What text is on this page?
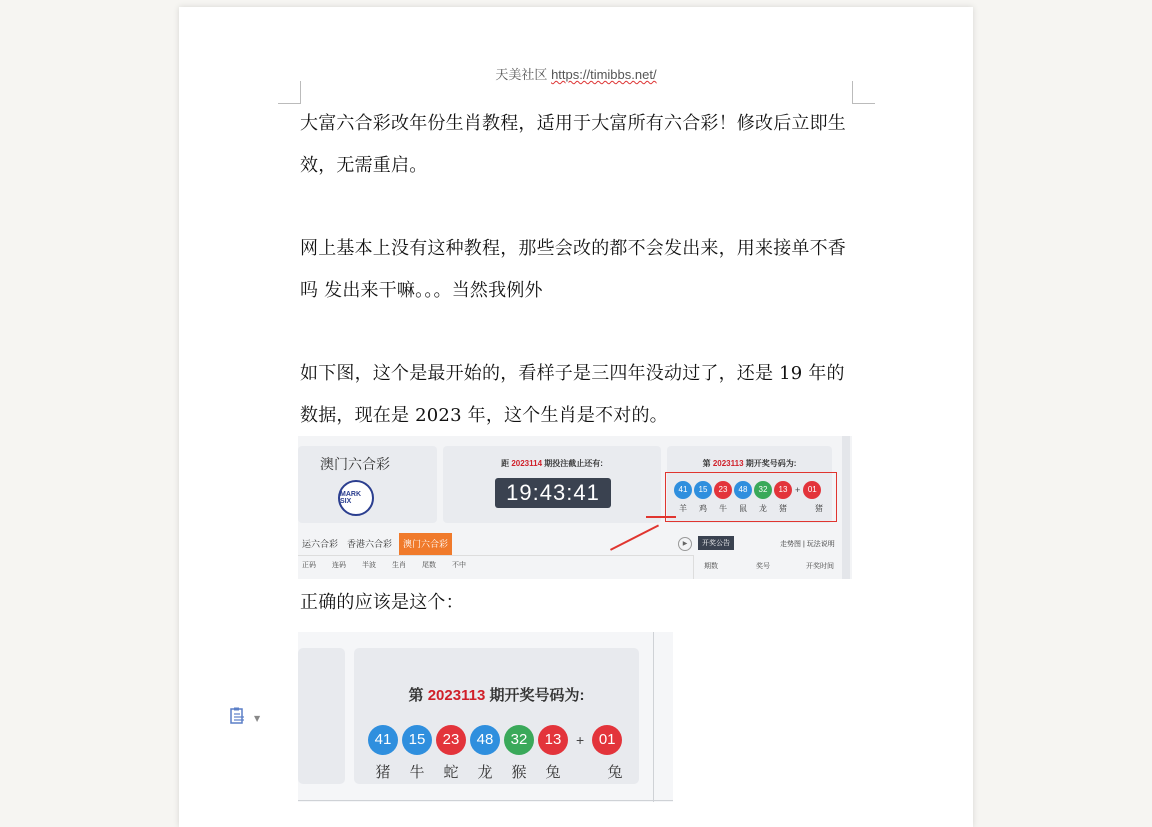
天美社区 https://timibbs.net/
大富六合彩改年份生肖教程，适用于大富所有六合彩！修改后立即生效，无需重启。
网上基本上没有这种教程，那些会改的都不会发出来，用来接单不香吗 发出来干嘛。。。当然我例外
如下图，这个是最开始的，看样子是三四年没动过了，还是 19 年的数据，现在是 2023 年，这个生肖是不对的。
澳门六合彩
MARK SIX
距 2023114 期投注截止还有:
19:43:41
第 2023113 期开奖号码为:
41	15	23	48	32	13 + 01
羊	鸡	牛	鼠	龙	猪	猪
运六合彩 香港六合彩	澳门六合彩	▶	开奖公告	走势图 | 玩法说明
正码 连码 半波 生肖 尾数 不中	期数	奖号	开奖时间
正确的应该是这个：
第 2023113 期开奖号码为:
41	15	23	48	32	13	+ 01
猪	牛	蛇	龙	猴	兔	兔
▼
